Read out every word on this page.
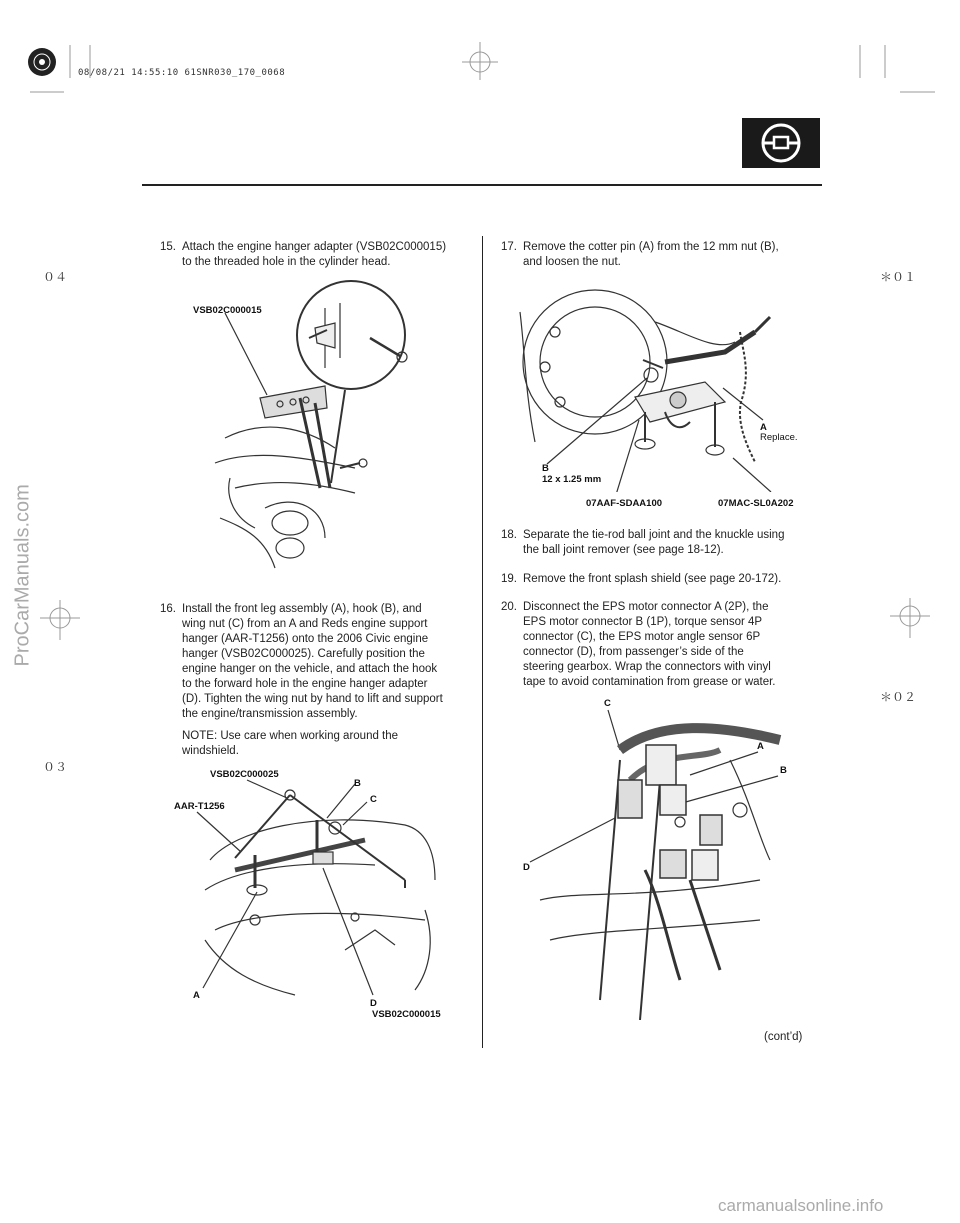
08/08/21 14:55:10 61SNR030_170_0068
０４
０３
＊０１
＊０２
ProCarManuals.com
carmanualsonline.info
15. Attach the engine hanger adapter (VSB02C000015)
to the threaded hole in the cylinder head.
VSB02C000015
16. Install the front leg assembly (A), hook (B), and
wing nut (C) from an A and Reds engine support
hanger (AAR-T1256) onto the 2006 Civic engine
hanger (VSB02C000025). Carefully position the
engine hanger on the vehicle, and attach the hook
to the forward hole in the engine hanger adapter
(D). Tighten the wing nut by hand to lift and support
the engine/transmission assembly.
NOTE: Use care when working around the
windshield.
VSB02C000025
B
C
AAR-T1256
A
D
VSB02C000015
17. Remove the cotter pin (A) from the 12 mm nut (B),
and loosen the nut.
A
Replace.
B
12 x 1.25 mm
07AAF-SDAA100	07MAC-SL0A202
18. Separate the tie-rod ball joint and the knuckle using
the ball joint remover (see page 18-12).
19. Remove the front splash shield (see page 20-172).
20. Disconnect the EPS motor connector A (2P), the
EPS motor connector B (1P), torque sensor 4P
connector (C), the EPS motor angle sensor 6P
connector (D), from passenger’s side of the
steering gearbox. Wrap the connectors with vinyl
tape to avoid contamination from grease or water.
C
A
B
D
(cont’d)
